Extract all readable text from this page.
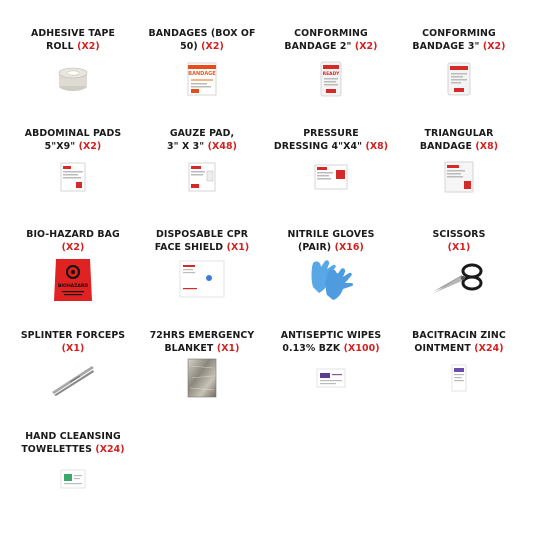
ADHESIVE TAPE
ROLL (X2)
BANDAGES (BOX OF
50) (X2)
BANDAGE
CONFORMING
BANDAGE 2" (X2)
READY
CONFORMING
BANDAGE 3" (X2)
ABDOMINAL PADS
5"X9" (X2)
GAUZE PAD,
3" X 3" (X48)
PRESSURE
DRESSING 4"X4" (X8)
TRIANGULAR
BANDAGE (X8)
BIO-HAZARD BAG
(X2)
BIOHAZARD
DISPOSABLE CPR
FACE SHIELD (X1)
NITRILE GLOVES
(PAIR) (X16)
SCISSORS
(X1)
SPLINTER FORCEPS
(X1)
72HRS EMERGENCY
BLANKET (X1)
ANTISEPTIC WIPES
0.13% BZK (X100)
BACITRACIN ZINC
OINTMENT (X24)
HAND CLEANSING
TOWELETTES (X24)
